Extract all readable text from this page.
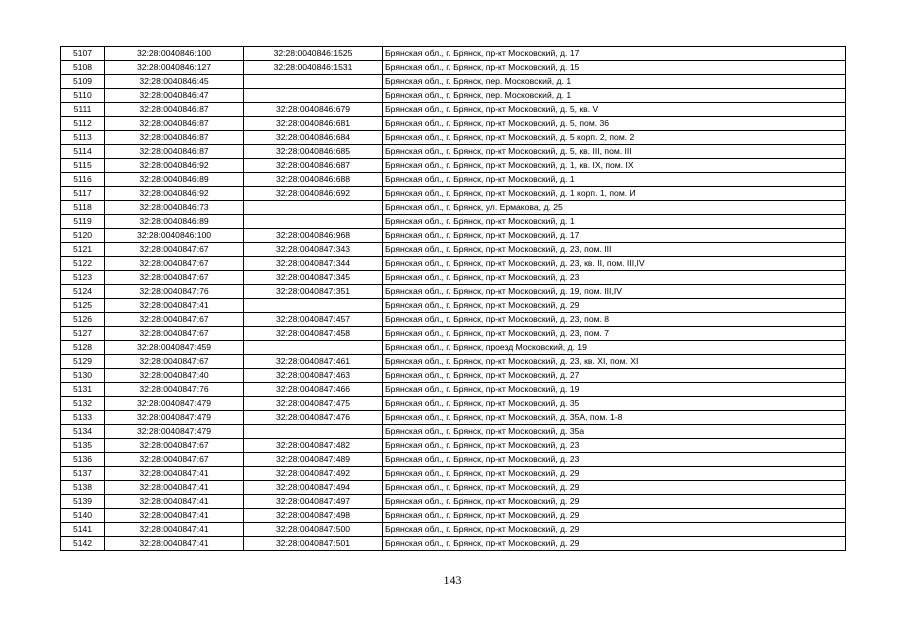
5107	32:28:0040846:100	32:28:0040846:1525	Брянская обл., г. Брянск, пр-кт Московский, д. 17
5108	32:28:0040846:127	32:28:0040846:1531	Брянская обл., г. Брянск, пр-кт Московский, д. 15
5109	32:28:0040846:45		Брянская обл., г. Брянск, пер. Московский, д. 1
5110	32:28:0040846:47		Брянская обл., г. Брянск, пер. Московский, д. 1
5111	32:28:0040846:87	32:28:0040846:679	Брянская обл., г. Брянск, пр-кт Московский, д. 5, кв. V
5112	32:28:0040846:87	32:28:0040846:681	Брянская обл., г. Брянск, пр-кт Московский, д. 5, пом. 36
5113	32:28:0040846:87	32:28:0040846:684	Брянская обл., г. Брянск, пр-кт Московский, д. 5 корп. 2, пом. 2
5114	32:28:0040846:87	32:28:0040846:685	Брянская обл., г. Брянск, пр-кт Московский, д. 5, кв. III, пом. III
5115	32:28:0040846:92	32:28:0040846:687	Брянская обл., г. Брянск, пр-кт Московский, д. 1, кв. IX, пом. IX
5116	32:28:0040846:89	32:28:0040846:688	Брянская обл., г. Брянск, пр-кт Московский, д. 1
5117	32:28:0040846:92	32:28:0040846:692	Брянская обл., г. Брянск, пр-кт Московский, д. 1 корп. 1, пом. И
5118	32:28:0040846:73		Брянская обл., г. Брянск, ул. Ермакова, д. 25
5119	32:28:0040846:89		Брянская обл., г. Брянск, пр-кт Московский, д. 1
5120	32:28:0040846:100	32:28:0040846:968	Брянская обл., г. Брянск, пр-кт Московский, д. 17
5121	32:28:0040847:67	32:28:0040847:343	Брянская обл., г. Брянск, пр-кт Московский, д. 23, пом. III
5122	32:28:0040847:67	32:28:0040847:344	Брянская обл., г. Брянск, пр-кт Московский, д. 23, кв. II, пом. III,IV
5123	32:28:0040847:67	32:28:0040847:345	Брянская обл., г. Брянск, пр-кт Московский, д. 23
5124	32:28:0040847:76	32:28:0040847:351	Брянская обл., г. Брянск, пр-кт Московский, д. 19, пом. III,IV
5125	32:28:0040847:41		Брянская обл., г. Брянск, пр-кт Московский, д. 29
5126	32:28:0040847:67	32:28:0040847:457	Брянская обл., г. Брянск, пр-кт Московский, д. 23, пом. 8
5127	32:28:0040847:67	32:28:0040847:458	Брянская обл., г. Брянск, пр-кт Московский, д. 23, пом. 7
5128	32:28:0040847:459		Брянская обл., г. Брянск, проезд Московский, д. 19
5129	32:28:0040847:67	32:28:0040847:461	Брянская обл., г. Брянск, пр-кт Московский, д. 23, кв. XI, пом. XI
5130	32:28:0040847:40	32:28:0040847:463	Брянская обл., г. Брянск, пр-кт Московский, д. 27
5131	32:28:0040847:76	32:28:0040847:466	Брянская обл., г. Брянск, пр-кт Московский, д. 19
5132	32:28:0040847:479	32:28:0040847:475	Брянская обл., г. Брянск, пр-кт Московский, д. 35
5133	32:28:0040847:479	32:28:0040847:476	Брянская обл., г. Брянск, пр-кт Московский, д. 35А, пом. 1-8
5134	32:28:0040847:479		Брянская обл., г. Брянск, пр-кт Московский, д. 35а
5135	32:28:0040847:67	32:28:0040847:482	Брянская обл., г. Брянск, пр-кт Московский, д. 23
5136	32:28:0040847:67	32:28:0040847:489	Брянская обл., г. Брянск, пр-кт Московский, д. 23
5137	32:28:0040847:41	32:28:0040847:492	Брянская обл., г. Брянск, пр-кт Московский, д. 29
5138	32:28:0040847:41	32:28:0040847:494	Брянская обл., г. Брянск, пр-кт Московский, д. 29
5139	32:28:0040847:41	32:28:0040847:497	Брянская обл., г. Брянск, пр-кт Московский, д. 29
5140	32:28:0040847:41	32:28:0040847:498	Брянская обл., г. Брянск, пр-кт Московский, д. 29
5141	32:28:0040847:41	32:28:0040847:500	Брянская обл., г. Брянск, пр-кт Московский, д. 29
5142	32:28:0040847:41	32:28:0040847:501	Брянская обл., г. Брянск, пр-кт Московский, д. 29
143
